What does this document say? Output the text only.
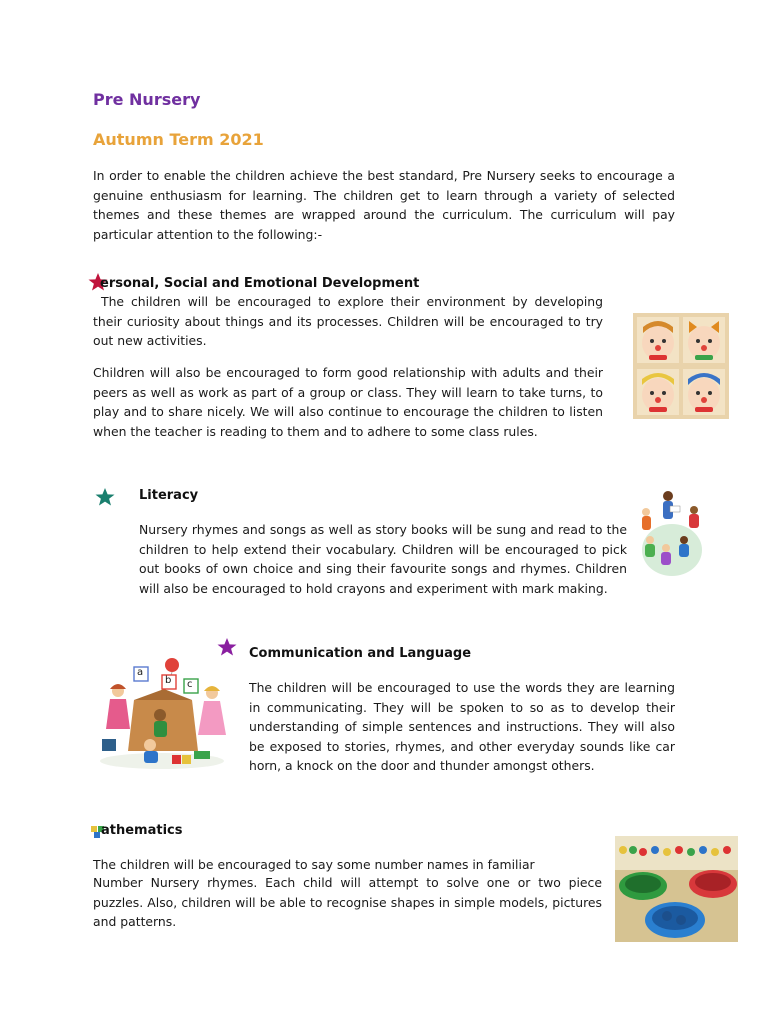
Pre Nursery
Autumn Term 2021

In order to enable the children achieve the best standard, Pre Nursery seeks to encourage a genuine enthusiasm for learning. The children get to learn through a variety of selected themes and these themes are wrapped around the curriculum. The curriculum will pay particular attention to the following:-

ersonal, Social and Emotional Development

The children will be encouraged to explore their environment by developing their curiosity about things and its processes. Children will be encouraged to try out new activities.

Children will also be encouraged to form good relationship with adults and their peers as well as work as part of a group or class. They will learn to take turns, to play and to share nicely. We will also continue to encourage the children to listen when the teacher is reading to them and to adhere to some class rules.

Literacy

Nursery rhymes and songs as well as story books will be sung and read to the children to help extend their vocabulary. Children will be encouraged to pick out books of own choice and sing their favourite songs and rhymes. Children will also be encouraged to hold crayons and experiment with mark making.

Communication and Language

The children will be encouraged to use the words they are learning in communicating. They will be spoken to so as to develop their understanding of simple sentences and instructions. They will also be exposed to stories, rhymes, and other everyday sounds like car horn, a knock on the door and thunder amongst others.

a
b c
athematics
The children will be encouraged to say some number names in familiar

Number Nursery rhymes. Each child will attempt to solve one or two piece puzzles. Also, children will be able to recognise shapes in simple models, pictures and patterns.
